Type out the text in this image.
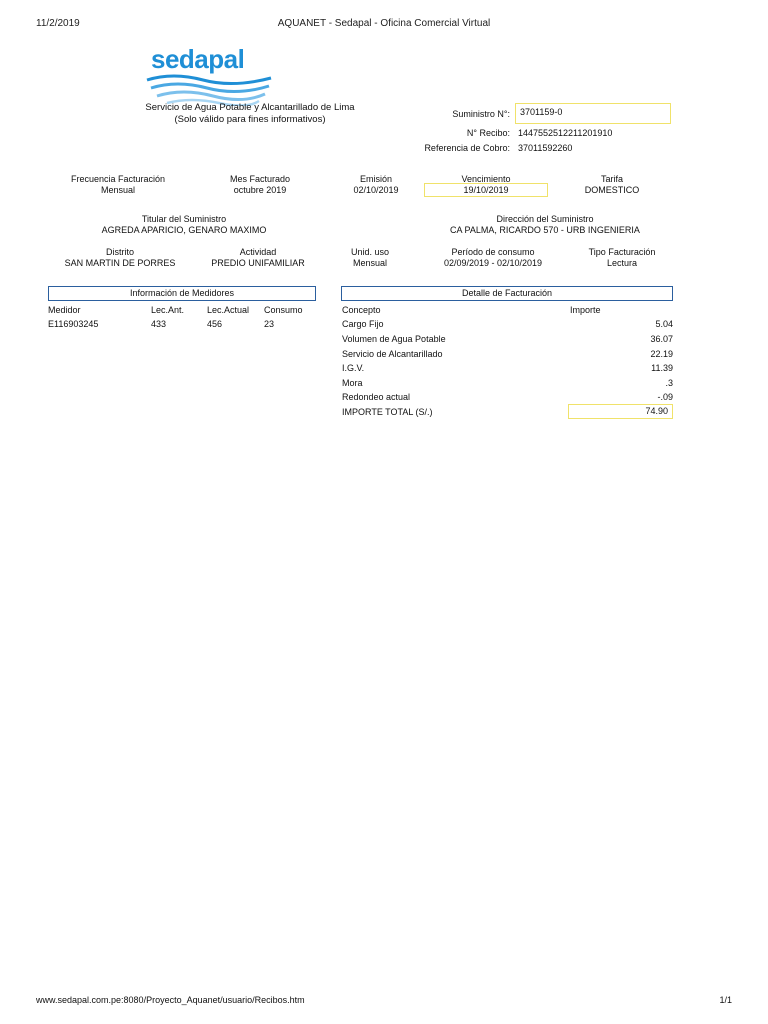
11/2/2019	AQUANET - Sedapal - Oficina Comercial Virtual
sedapal
Servicio de Agua Potable y Alcantarillado de Lima
(Solo válido para fines informativos)	Suministro N°:	3701159-0
N° Recibo: 1447552512211201910
Referencia de Cobro: 37011592260
Frecuencia Facturación
Mensual
Mes Facturado
octubre 2019
Emisión
02/10/2019
Vencimiento
19/10/2019
Tarifa
DOMESTICO
Titular del Suministro
AGREDA APARICIO, GENARO MAXIMO
Dirección del Suministro
CA PALMA, RICARDO 570 - URB INGENIERIA
Distrito
SAN MARTIN DE PORRES
Actividad
PREDIO UNIFAMILIAR
Unid. uso
Mensual
Período de consumo
02/09/2019 - 02/10/2019
Tipo Facturación
Lectura
Información de Medidores
Medidor	Lec.Ant.	Lec.Actual Consumo
E116903245	433	456	23
Detalle de Facturación
Concepto	Importe
Cargo Fijo	5.04
Volumen de Agua Potable	36.07
Servicio de Alcantarillado	22.19
I.G.V.	11.39
Mora	.3
Redondeo actual	-.09
IMPORTE TOTAL (S/.)	74.90
www.sedapal.com.pe:8080/Proyecto_Aquanet/usuario/Recibos.htm	1/1
